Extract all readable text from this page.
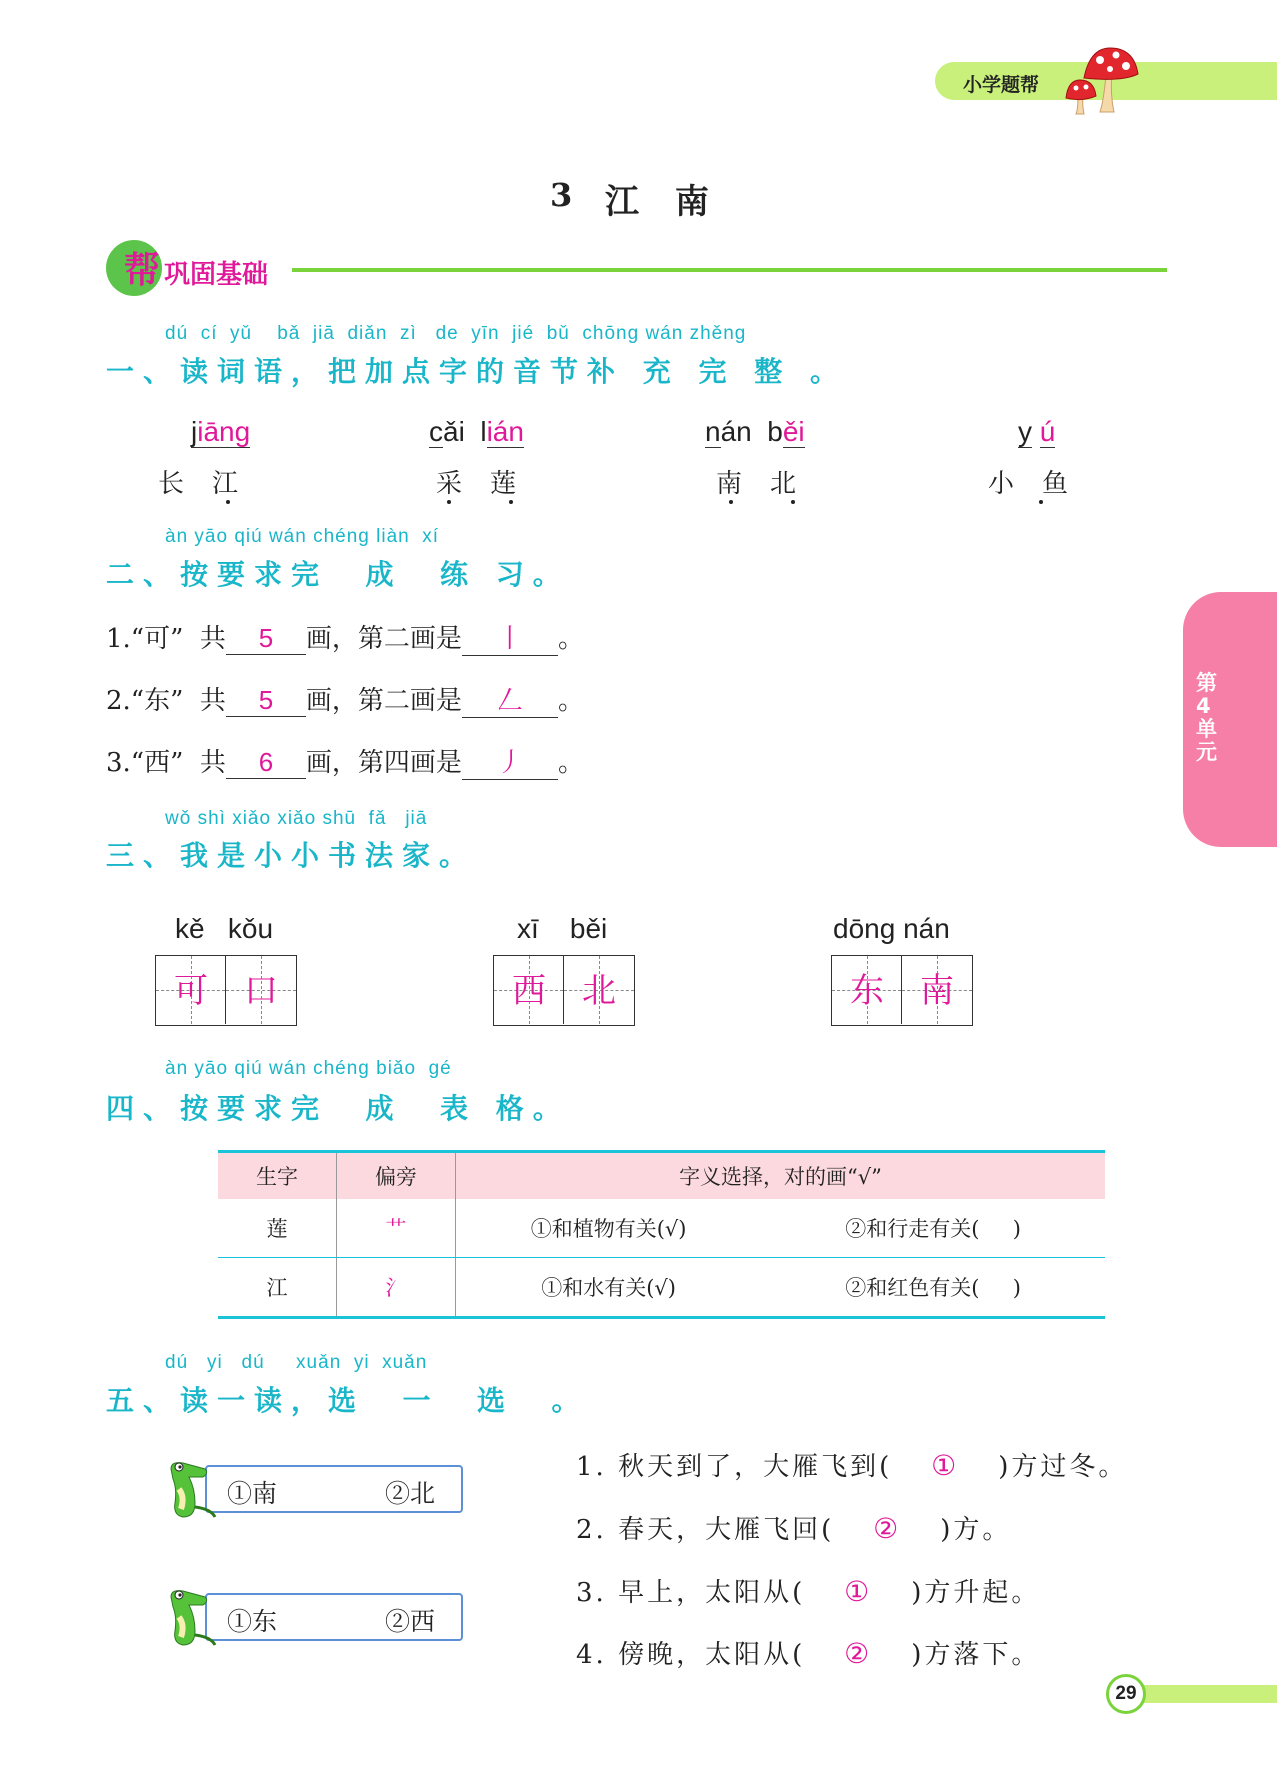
小学题帮
第4单元
3 江 南
帮 巩固基础
dú  cí  yǔ    bǎ  jiā  diǎn  zì   de  yīn  jié  bǔ  chōng wán zhěng
一、读词语，把加点字的音节补 充 完 整 。
jiāng
长江
cǎi  lián
采莲
nán  běi
南北
y ú
小鱼
àn yāo qiú wán chéng liàn  xí
二、按要求完  成  练 习。
1.“可”  共 5 画，第二画是 丨 。
2.“东”  共 5 画，第二画是 𠃋 。
3.“西”  共 6 画，第四画是 丿 。
wǒ shì xiǎo xiǎo shū  fǎ   jiā
三、我是小小书法家。
kě   kǒu
可	口
xī    běi
西	北
dōng nán
东	南
àn yāo qiú wán chéng biǎo  gé
四、按要求完  成  表 格。
生字	偏旁	字义选择，对的画“√”	
莲	艹	①和植物有关(√)	②和行走有关(     )
江	氵	①和水有关(√)	②和红色有关(     )
dú   yi   dú     xuǎn  yi  xuǎn
五、读一读，选  一  选  。
①南	②北
①东	②西
1. 秋天到了，大雁飞到( ① )方过冬。
2. 春天，大雁飞回( ② )方。
3. 早上，太阳从( ① )方升起。
4. 傍晚，太阳从( ② )方落下。
29
